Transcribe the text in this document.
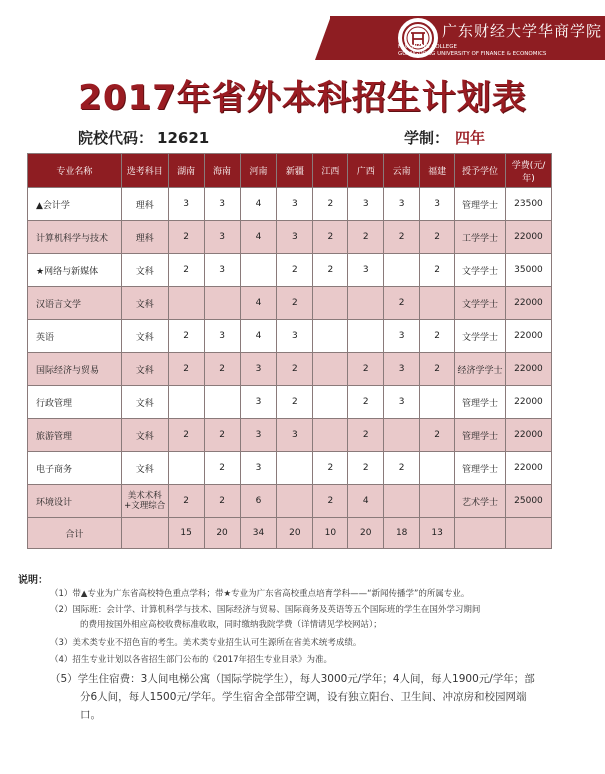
广东财经大学华商学院
HUASHANG COLLEGE
GUANGDONG UNIVERSITY OF FINANCE & ECONOMICS
2017年省外本科招生计划表
院校代码： 12621	学制： 四年
专业名称	选考科目	湖南	海南	河南	新疆	江西	广西	云南	福建	授予学位	学费(元/年)
▲会计学	理科	3	3	4	3	2	3	3	3	管理学士	23500
计算机科学与技术	理科	2	3	4	3	2	2	2	2	工学学士	22000
★网络与新媒体	文科	2	3		2	2	3		2	文学学士	35000
汉语言文学	文科			4	2			2		文学学士	22000
英语	文科	2	3	4	3			3	2	文学学士	22000
国际经济与贸易	文科	2	2	3	2		2	3	2	经济学学士	22000
行政管理	文科			3	2		2	3		管理学士	22000
旅游管理	文科	2	2	3	3		2		2	管理学士	22000
电子商务	文科		2	3		2	2	2		管理学士	22000
环境设计	美术术科+文理综合	2	2	6		2	4			艺术学士	25000
合计		15	20	34	20	10	20	18	13		
说明：
（1）带▲专业为广东省高校特色重点学科；带★专业为广东省高校重点培育学科——“新闻传播学”的所属专业。
（2）国际班：会计学、计算机科学与技术、国际经济与贸易、国际商务及英语等五个国际班的学生在国外学习期间
的费用按国外相应高校收费标准收取，同时缴纳我院学费（详情请见学校网站）；
（3）美术类专业不招色盲的考生。美术类专业招生认可生源所在省美术统考成绩。
（4）招生专业计划以各省招生部门公布的《2017年招生专业目录》为准。
（5）学生住宿费：3人间电梯公寓（国际学院学生），每人3000元/学年；4人间，每人1900元/学年；部
分6人间，每人1500元/学年。学生宿舍全部带空调，设有独立阳台、卫生间、冲凉房和校园网端
口。
